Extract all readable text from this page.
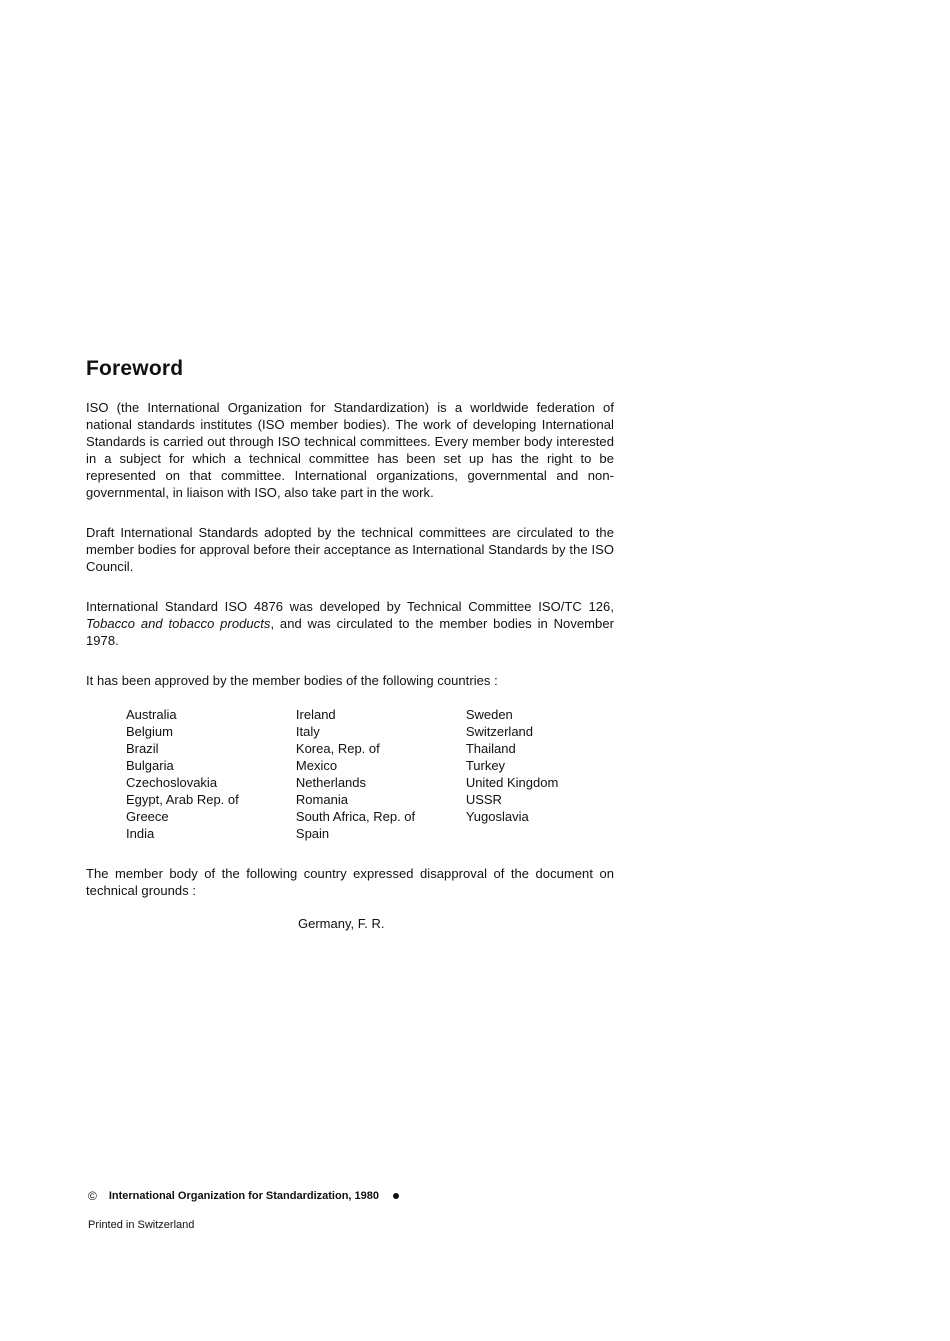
Foreword

ISO (the International Organization for Standardization) is a worldwide federation of national standards institutes (ISO member bodies). The work of developing International Standards is carried out through ISO technical committees. Every member body interested in a subject for which a technical committee has been set up has the right to be represented on that committee. International organizations, governmental and non-governmental, in liaison with ISO, also take part in the work.

Draft International Standards adopted by the technical committees are circulated to the member bodies for approval before their acceptance as International Standards by the ISO Council.

International Standard ISO 4876 was developed by Technical Committee ISO/TC 126, Tobacco and tobacco products, and was circulated to the member bodies in November 1978.

It has been approved by the member bodies of the following countries :

Australia
Belgium
Brazil
Bulgaria
Czechoslovakia
Egypt, Arab Rep. of
Greece
India
Ireland
Italy
Korea, Rep. of
Mexico
Netherlands
Romania
South Africa, Rep. of
Spain
Sweden
Switzerland
Thailand
Turkey
United Kingdom
USSR
Yugoslavia

The member body of the following country expressed disapproval of the document on technical grounds :

Germany, F. R.
© International Organization for Standardization, 1980
Printed in Switzerland
